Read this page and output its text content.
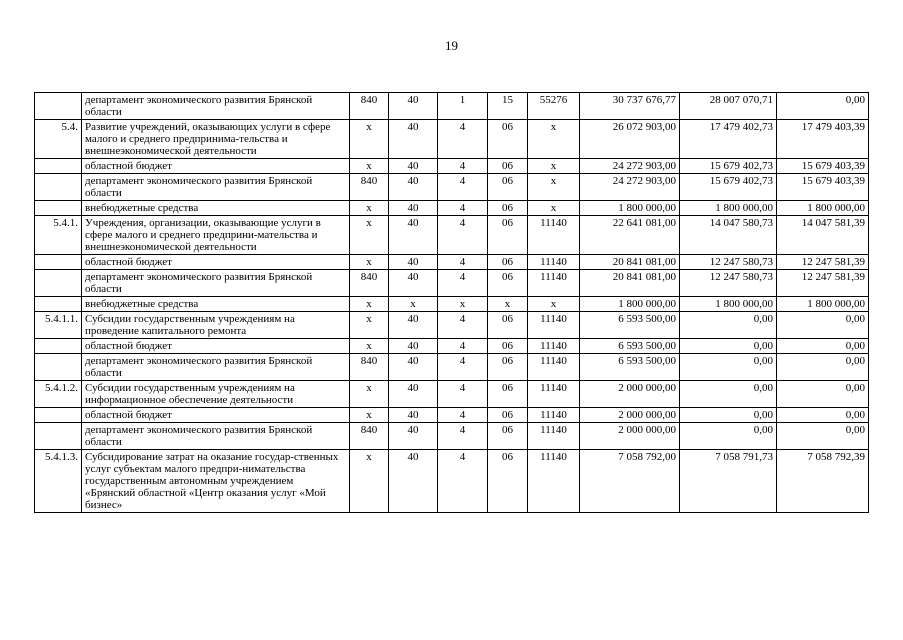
19
	департамент экономического развития Брянской области	840	40	1	15	55276	30 737 676,77	28 007 070,71	0,00
5.4.	Развитие учреждений, оказывающих услуги в сфере малого и среднего предпринима-тельства и внешнеэкономической деятельности	х	40	4	06	х	26 072 903,00	17 479 402,73	17 479 403,39
	областной бюджет	х	40	4	06	х	24 272 903,00	15 679 402,73	15 679 403,39
	департамент экономического развития Брянской области	840	40	4	06	х	24 272 903,00	15 679 402,73	15 679 403,39
	внебюджетные средства	х	40	4	06	х	1 800 000,00	1 800 000,00	1 800 000,00
5.4.1.	Учреждения, организации, оказывающие услуги в сфере малого и среднего предприни-мательства и внешнеэкономической деятельности	х	40	4	06	11140	22 641 081,00	14 047 580,73	14 047 581,39
	областной бюджет	х	40	4	06	11140	20 841 081,00	12 247 580,73	12 247 581,39
	департамент экономического развития Брянской области	840	40	4	06	11140	20 841 081,00	12 247 580,73	12 247 581,39
	внебюджетные средства	х	х	х	х	х	1 800 000,00	1 800 000,00	1 800 000,00
5.4.1.1.	Субсидии государственным учреждениям на проведение капитального ремонта	х	40	4	06	11140	6 593 500,00	0,00	0,00
	областной бюджет	х	40	4	06	11140	6 593 500,00	0,00	0,00
	департамент экономического развития Брянской области	840	40	4	06	11140	6 593 500,00	0,00	0,00
5.4.1.2.	Субсидии государственным учреждениям на информационное обеспечение деятельности	х	40	4	06	11140	2 000 000,00	0,00	0,00
	областной бюджет	х	40	4	06	11140	2 000 000,00	0,00	0,00
	департамент экономического развития Брянской области	840	40	4	06	11140	2 000 000,00	0,00	0,00
5.4.1.3.	Субсидирование затрат на оказание государ-ственных услуг субъектам малого предпри-нимательства государственным автономным учреждением «Брянский областной «Центр оказания услуг «Мой бизнес»	х	40	4	06	11140	7 058 792,00	7 058 791,73	7 058 792,39
